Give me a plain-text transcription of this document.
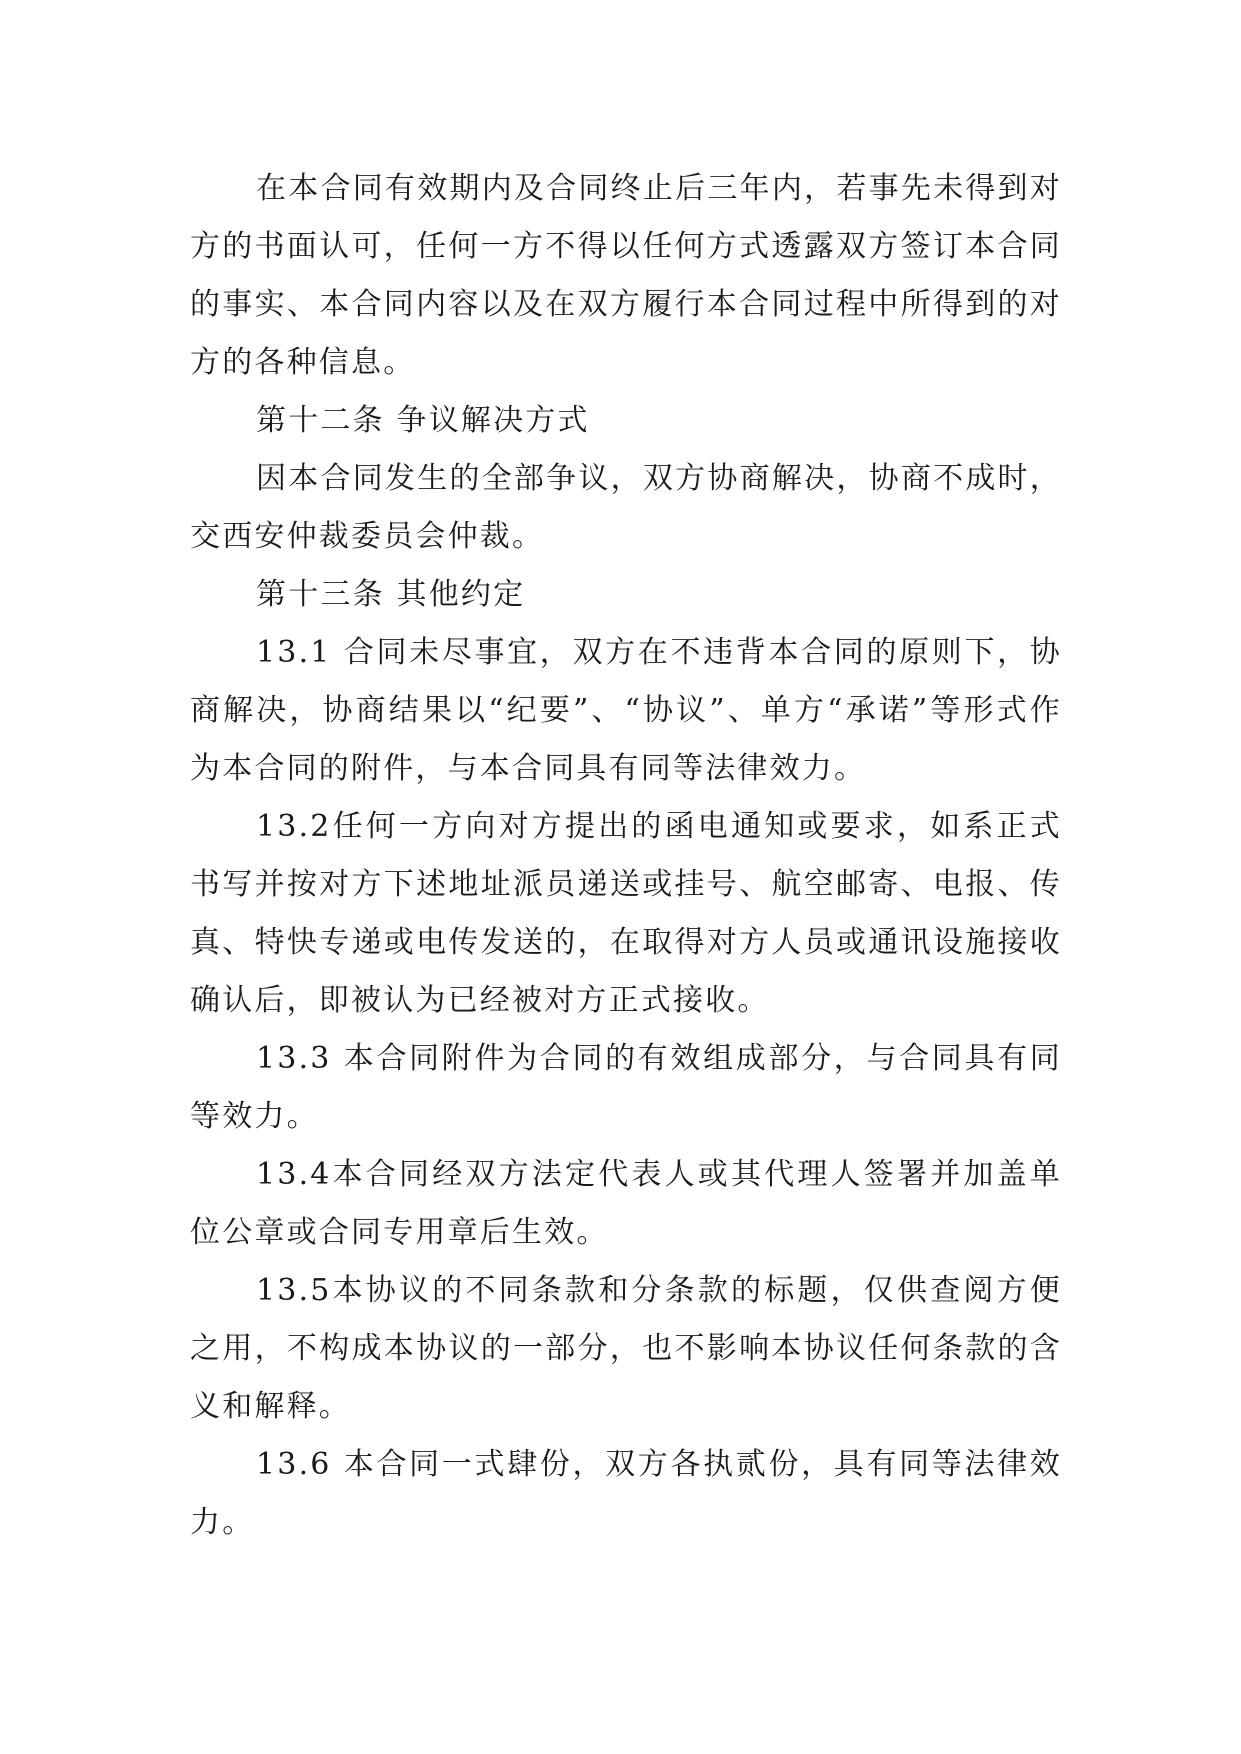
在本合同有效期内及合同终止后三年内，若事先未得到对方的书面认可，任何一方不得以任何方式透露双方签订本合同的事实、本合同内容以及在双方履行本合同过程中所得到的对方的各种信息。

第十二条 争议解决方式

因本合同发生的全部争议，双方协商解决，协商不成时，交西安仲裁委员会仲裁。

第十三条 其他约定

13.1 合同未尽事宜，双方在不违背本合同的原则下，协商解决，协商结果以“纪要”、“协议”、单方“承诺”等形式作为本合同的附件，与本合同具有同等法律效力。

13.2任何一方向对方提出的函电通知或要求，如系正式书写并按对方下述地址派员递送或挂号、航空邮寄、电报、传真、特快专递或电传发送的，在取得对方人员或通讯设施接收确认后，即被认为已经被对方正式接收。

13.3 本合同附件为合同的有效组成部分，与合同具有同等效力。

13.4本合同经双方法定代表人或其代理人签署并加盖单位公章或合同专用章后生效。

13.5本协议的不同条款和分条款的标题，仅供查阅方便之用，不构成本协议的一部分，也不影响本协议任何条款的含义和解释。

13.6 本合同一式肆份，双方各执贰份，具有同等法律效力。
